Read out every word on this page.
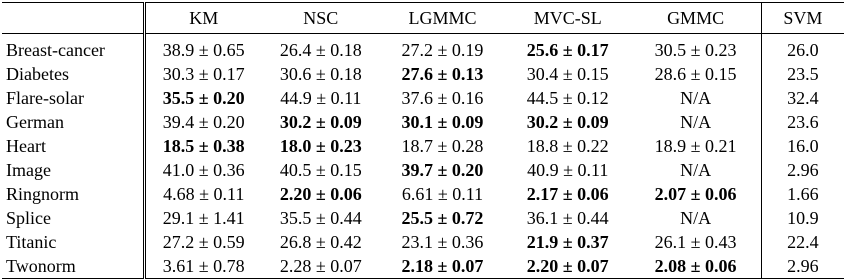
	KM	NSC	LGMMC	MVC-SL	GMMC	SVM
Breast-cancer	38.9 ± 0.65	26.4 ± 0.18	27.2 ± 0.19	25.6 ± 0.17	30.5 ± 0.23	26.0
Diabetes	30.3 ± 0.17	30.6 ± 0.18	27.6 ± 0.13	30.4 ± 0.15	28.6 ± 0.15	23.5
Flare-solar	35.5 ± 0.20	44.9 ± 0.11	37.6 ± 0.16	44.5 ± 0.12	N/A	32.4
German	39.4 ± 0.20	30.2 ± 0.09	30.1 ± 0.09	30.2 ± 0.09	N/A	23.6
Heart	18.5 ± 0.38	18.0 ± 0.23	18.7 ± 0.28	18.8 ± 0.22	18.9 ± 0.21	16.0
Image	41.0 ± 0.36	40.5 ± 0.15	39.7 ± 0.20	40.9 ± 0.11	N/A	2.96
Ringnorm	4.68 ± 0.11	2.20 ± 0.06	6.61 ± 0.11	2.17 ± 0.06	2.07 ± 0.06	1.66
Splice	29.1 ± 1.41	35.5 ± 0.44	25.5 ± 0.72	36.1 ± 0.44	N/A	10.9
Titanic	27.2 ± 0.59	26.8 ± 0.42	23.1 ± 0.36	21.9 ± 0.37	26.1 ± 0.43	22.4
Twonorm	3.61 ± 0.78	2.28 ± 0.07	2.18 ± 0.07	2.20 ± 0.07	2.08 ± 0.06	2.96
